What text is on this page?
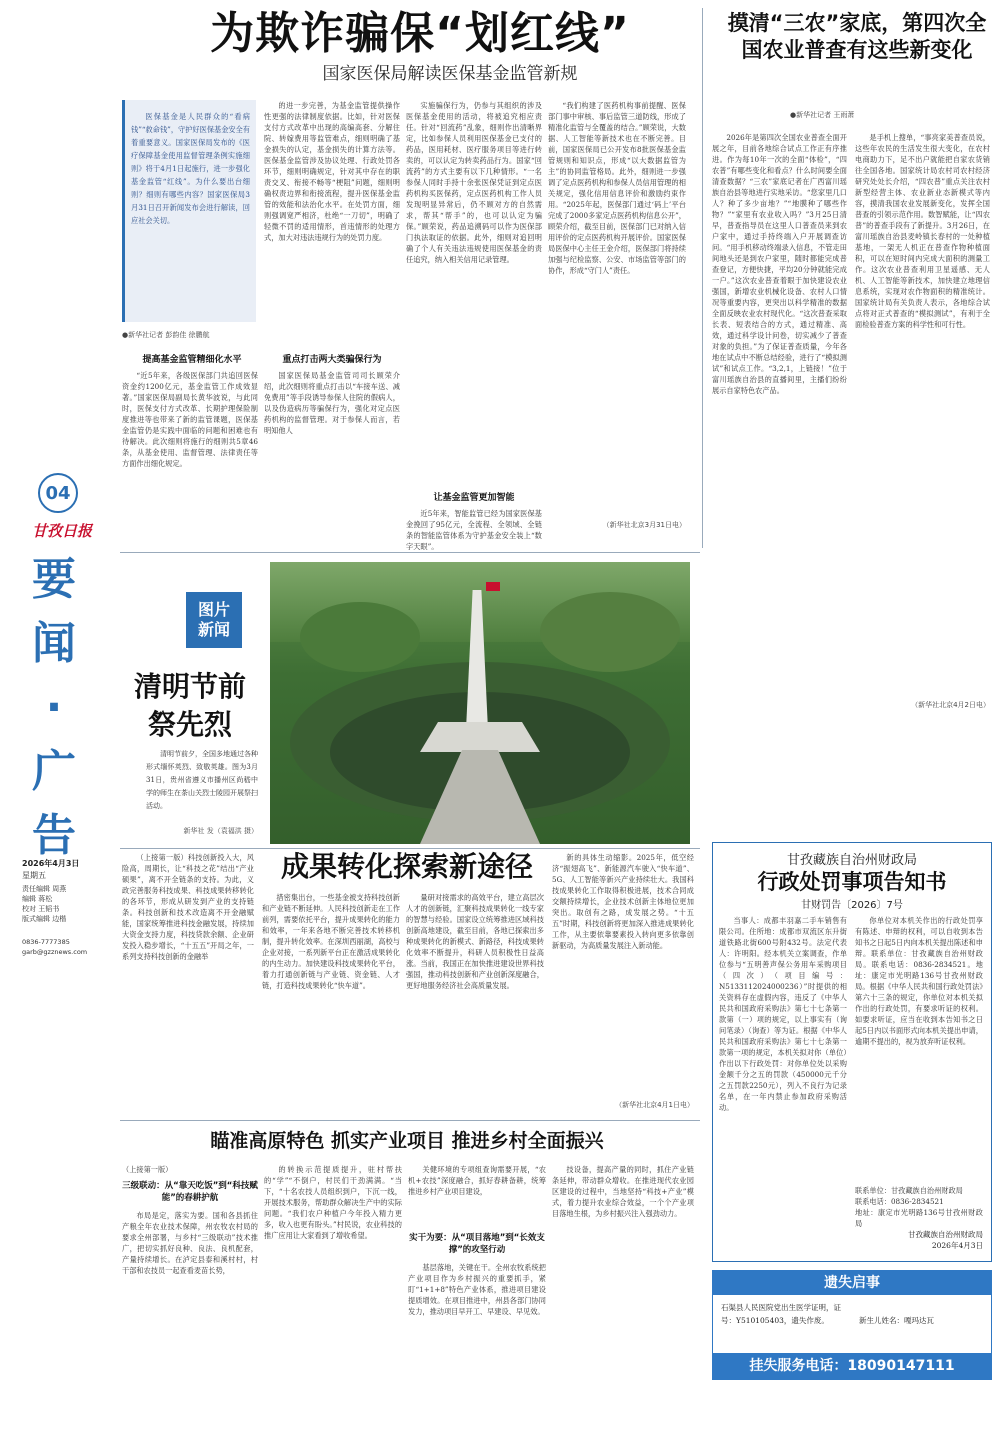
为欺诈骗保“划红线”
国家医保局解读医保基金监管新规
医保基金是人民群众的“看病钱”“救命钱”，守护好医保基金安全有着重要意义。国家医保局发布的《医疗保障基金使用监督管理条例实施细则》将于4月1日起施行，进一步强化基金监管“红线”。为什么要出台细则？细则有哪些内容？国家医保局3月31日召开新闻发布会进行解读，回应社会关切。
●新华社记者 彭韵佳 徐鹏航
提高基金监管精细化水平

“近5年来，各级医保部门共追回医保资金约1200亿元，基金监管工作成效显著。”国家医保局副局长黄华波说，与此同时，医保支付方式改革、长期护理保险制度推进等也带来了新的监管课题，医保基金监管仍是实践中面临的问题和困难也有待解决。此次细则将施行的细则共5章46条，从基金使用、监督管理、法律责任等方面作出细化规定。

的进一步完善，为基金监管提供操作性更强的法律制度依据。比如，针对医保支付方式改革中出现的高编高套、分解住院、转嫁费用等监管难点，细则明确了基金损失的认定，基金损失的计算方法等。医保基金监管涉及协议处理、行政处罚各环节，细则明确规定，针对其中存在的职责交叉、衔接不畅等“梗阻”问题，细则明确权责边界和衔接流程，提升医保基金监管的效能和法治化水平。在处罚方面，细则强调宽严相济，杜绝“一刀切”，明确了轻微不罚的适用情形，首违情形的处理方式，加大对违法违规行为的处罚力度。

重点打击两大类骗保行为

国家医保局基金监管司司长顾荣介绍，此次细则将重点打击以“车接车送、减免费用”等手段诱导参保人住院的假病人，以及伪造病历等骗保行为，强化对定点医药机构的监督管理。对于参保人而言，若明知他人

实施骗保行为，仍参与其组织的涉及医保基金使用的活动，将被追究相应责任。针对“回流药”乱象，细则作出清晰界定，比如参保人员利用医保基金已支付的药品，医用耗材、医疗服务项目等进行转卖的，可以认定为转卖药品行为。国家“回流药”的方式主要有以下几种情形。“一名参保人同时手持十余张医保凭证到定点医药机构买医保药，定点医药机构工作人员发现明显异常后，仍不顾对方的自然需求，帮其“帮手”的，也可以认定为骗保。”顾荣说，药品追溯码可以作为医保部门执法取证的依据。此外，细则对追回明确了个人有关违法违规使用医保基金的责任追究，纳入相关信用记录管理。

让基金监管更加智能

近5年来，智能监管已经为国家医保基金挽回了95亿元，全流程、全领域、全链条的智能监管体系为守护基金安全装上“数字天眼”。

“我们构建了医药机构事前提醒、医保部门事中审核、事后监管三道防线，形成了精准化监管与全覆盖的结合。”顾荣说，大数据、人工智能等新技术也在不断完善。目前，国家医保局已公开发布8批医保基金监管规则和知识点，形成“以大数据监管为主”的协同监管格局。此外，细则进一步强调了定点医药机构和参保人员信用管理的相关规定，强化信用信息评价和激励约束作用。“2025年起，医保部门通过‘码上’平台完成了2000多家定点医药机构信息公开”，顾荣介绍，截至目前，医保部门已对纳入信用评价的定点医药机构开展评价。国家医保局医保中心主任王金介绍，医保部门将持续加强与纪检监察、公安、市场监管等部门的协作，形成“守门人”责任。

（新华社北京3月31日电）
摸清“三农”家底，第四次全国农业普查有这些新变化
●新华社记者 王雨萧

2026年是第四次全国农业普查全面开展之年，目前各地综合试点工作正有序推进。作为每10年一次的全面“体检”，“四农普”有哪些变化和看点？什么时间要全面清查数据？“三农”家底记者在广西富川瑶族自治县等地进行实地采访。“您家里几口人？种了多少亩地？”“地膜种了哪些作物？”“家里有农业收入吗？”3月25日清早，普查指导员在这里人口普查员来到农户家中，通过手持终端入户开展调查访问。“用手机移动终端录入信息，不管走田间地头还是到农户家里，随时都能完成普查登记，方便快捷，平均20分钟就能完成一户。”这次农业普查着眼于加快建设农业强国，新增农业机械化设备、农村人口情况等重要内容，更突出以科学精准的数据全面反映农业农村现代化。“这次普查采取长表、短表结合的方式，通过精准、高效，通过科学设计问卷，切实减少了普查对象的负担。”为了保证普查质量，今年各地在试点中不断总结经验，进行了“模拟测试”和试点工作。“3,2,1，上链接！”位于富川瑶族自治县的直播间里，主播们纷纷展示自家特色农产品。

是手机上搜单，“事亮家美普查员说，这些年农民的生活发生很大变化，在农村电商助力下，足不出户就能把自家农货销往全国各地。国家统计局农村司农村经济研究处处长介绍，“四农普”重点关注农村新型经营主体、农业新业态新模式等内容，摸清我国农业发展新变化，发挥全国普查的引领示范作用。数智赋能，让“四农普”的普查手段有了新提升。3月26日，在富川瑶族自治县麦岭镇长春村的一处种植基地，一架无人机正在普查作物种植面积，可以在短时间内完成大面积的测量工作。这次农业普查利用卫星遥感、无人机、人工智能等新技术，加快建立地理信息系统，实现对农作物面积的精准统计。国家统计局有关负责人表示，各地综合试点将对正式普查的“模拟测试”，有利于全面检验普查方案的科学性和可行性。

（新华社北京4月2日电）
04
甘孜日报
要闻·广告
2026年4月3日
星期五
责任编辑 周燕
编辑 蒋松
校对 王韬书
版式编辑 边楷
0836-7777385
garb@gzznews.com
图片新闻
清明节前祭先烈
清明节前夕，全国多地通过各种形式缅怀英烈、致敬英雄。图为3月31日，贵州省遵义市播州区尚嵇中学的师生在茶山关烈士陵园开展祭扫活动。
新华社 发（袁福洪 摄）

（上接第一版）科技创新投入大，风险高，周期长，让“科技之花”结出“产业硕果”，离不开全链条的支持。为此，义政完善服务科技成果、科技成果转移转化的各环节，形成从研发到产业的支持链条。科技创新和技术改造离不开金融赋能，国家统筹推进科技金融发展，持续加大资金支持力度，科技贷款余额、企业研发投入稳步增长，“十五五”开局之年，一系列支持科技创新的金融举

成果转化探索新途径

措密集出台，一些基金被支持科技创新和产业链不断延伸。人民科技创新走在工作前列，需要依托平台，提升成果转化的能力和效率，一年来各地不断完善技术转移机制，提升转化效率。在深圳西丽湖，高校与企业对接，一系列新平台正在激活成果转化的内生动力。加快建设科技成果转化平台，着力打通创新链与产业链、资金链、人才链，打造科技成果转化“快车道”。

量研对接需求的高效平台，建立高层次人才的创新链，汇聚科技成果转化一线专家的智慧与经验。国家设立统筹推进区域科技创新高地建设，截至目前，各地已探索出多种成果转化的新模式、新路径，科技成果转化效率不断提升，科研人员积极性日益高涨。当前，我国正在加快推进建设世界科技强国，推动科技创新和产业创新深度融合，更好地服务经济社会高质量发展。

新的具体生动缩影。2025年，低空经济“振翅高飞”、新能源汽车驶入“快车道”、5G、人工智能等新兴产业持续壮大。我国科技成果转化工作取得积极进展，技术合同成交额持续增长，企业技术创新主体地位更加突出。取创有之路，成发展之势。“十五五”时期，科技创新将更加深入推进成果转化工作，从主要依靠要素投入转向更多依靠创新驱动，为高质量发展注入新动能。

（新华社北京4月1日电）
甘孜藏族自治州财政局
行政处罚事项告知书
甘财罚告〔2026〕7号

当事人：成都丰羽嘉二手车销售有限公司。住所地：成都市双流区东升街道铁路北街600号附432号。法定代表人：许明阳。经本机关立案调查，作单位参与“五明善声保公务用车采购项目（四次）（项目编号：N5133112024000236）”时提供的相关资料存在虚假内容，违反了《中华人民共和国政府采购法》第七十七条第一款第（一）项的规定，以上事实有（询问笔录）（询查）等为证。根据《中华人民共和国政府采购法》第七十七条第一款第一项的规定，本机关拟对你（单位）作出以下行政处罚：对你单位处以采购金额千分之五的罚款（450000元千分之五罚款2250元），列入不良行为记录名单，在一年内禁止参加政府采购活动。

你单位对本机关作出的行政处罚享有陈述、申辩的权利，可以自收到本告知书之日起5日内向本机关提出陈述和申辩。联系单位：甘孜藏族自治州财政局。联系电话：0836-2834521。地址：康定市光明路136号甘孜州财政局。根据《中华人民共和国行政处罚法》第六十三条的规定，你单位对本机关拟作出的行政处罚，有要求听证的权利。如要求听证，应当在收到本告知书之日起5日内以书面形式向本机关提出申请，逾期不提出的，视为放弃听证权利。

联系单位：甘孜藏族自治州财政局
联系电话：0836-2834521
地址：康定市光明路136号甘孜州财政局
甘孜藏族自治州财政局
2026年4月3日
遗失启事
石渠县人民医院党出生医学证明，证号：Y510105403，遗失作废。	新生儿姓名：嘎玛达瓦
挂失服务电话：18090147111
瞄准高原特色 抓实产业项目 推进乡村全面振兴
（上接第一版）
三级联动：从“靠天吃饭”到“科技赋能”的春耕护航

布局是定，落实为要。国和各县抓住产粮全年农业技术保障，州农牧农村局的要求全州部署，与乡村“三级联动”技术推广，把切实抓好良种、良法、良机配套，产量持续增长。在泸定县泰和溪村村，村干部和农技员一起查看麦苗长势，

的转换示范提质提升，驻村帮扶的“学”“不倒户，村民们干劲满满。“当下，“十名农技人员组织到户，下沉一线，开展技术服务，帮助群众解决生产中的实际问题。“我们农户种植户今年投入精力更多，收入也更有盼头。”村民说，农业科技的推广应用让大家看到了增收希望。

关健环境的专项组查询需要开展，“农机+农技”深度融合，抓好春耕备耕，统筹推进乡村产业项目建设，

实干为要：从“项目落地”到“长效支撑”的攻坚行动

基层落地，关键在干。全州农牧系统把产业项目作为乡村振兴的重要抓手，紧盯“1+1+8”特色产业体系，推进项目建设提质增效。在项目推进中，州县各部门协同发力，推动项目早开工、早建设、早见效。

技设备，提高产量的同时，抓住产业链条延伸，带动群众增收。在推进现代农业园区建设的过程中，当地坚持“科技+产业”模式，着力提升农业综合效益，一个个产业项目落地生根，为乡村振兴注入强劲动力。
